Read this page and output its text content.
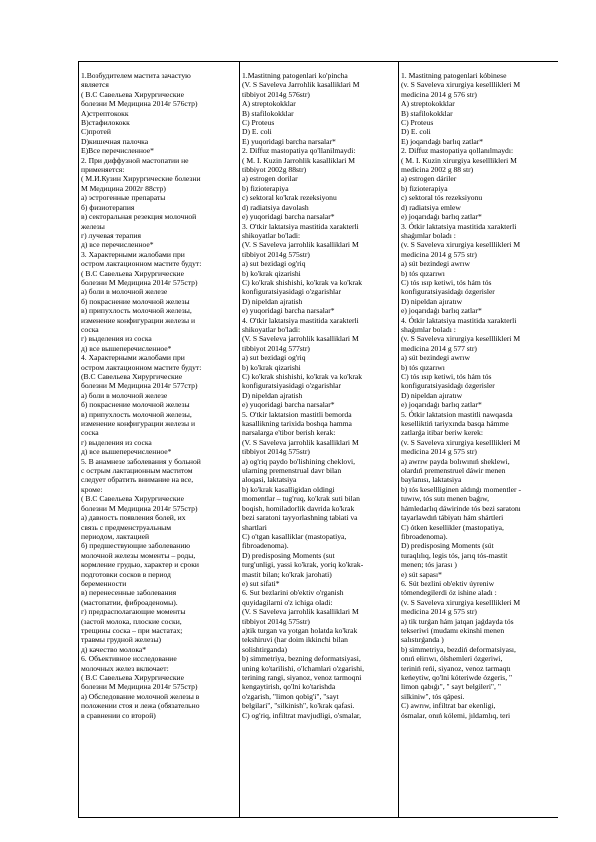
1.Возбудителем мастита зачастую
является
( В.С Савельева Хирургические
болезни М Медицина 2014г 576стр)
А)стрептококк
В)стафилококк
С)протей
D)кишечная палочка
Е)Все перечисленное*
2. При диффузной мастопатии не
применяется:
( М.И.Кузин Хирургические болезни
М Медицина 2002г 88стр)
а) эстрогенные препараты
б) физиотерапия
в) секторальная резекция молочной
железы
г) лучевая терапия
д) все перечисленное*
3. Характерными жалобами при
остром лактационном мастите будут:
( В.С Савельева Хирургические
болезни М Медицина 2014г 575стр)
а) боли в молочной железе
б) покраснение молочной железы
в) припухлость молочной железы,
изменение конфигурации железы и
соска
г) выделения из соска
д) все вышеперечисленное*
4. Характерными жалобами при
остром лактационном мастите будут:
(В.С Савельева Хирургические
болезни М Медицина 2014г 577стр)
а) боли в молочной железе
б) покраснение молочной железы
в) припухлость молочной железы,
изменение конфигурации железы и
соска
г) выделения из соска
д) все вышеперечисленное*
5. В анамнезе заболевания у больной
с острым лактационным маститом
следует обратить внимание на все,
кроме:
( В.С Савельева Хирургические
болезни М Медицина 2014г 575стр)
а) давность появления болей, их
связь с предменструальным
периодом, лактацией
б) предшествующие заболеванию
молочной железы моменты – роды,
кормление грудью, характер и сроки
подготовки сосков в период
беременности
в) перенесенные заболевания
(мастопатии, фиброаденомы).
г) предрасполагающие моменты
(застой молока, плоские соски,
трещины соска – при мастатах;
травмы грудной железы)
д) качество молока*
6. Объективное исследование
молочных желез включает:
( В.С Савельева Хирургические
болезни М Медицина 2014г 575стр)
а) Обследование молочной железы в
положении стоя и лежа (обязательно
в сравнении со второй)

1.Mastitning patogenlari ko'pincha
(V. S Saveleva Jarrohlik kasalliklari M
tibbiyot 2014g 576str)
A) streptokokklar
B) stafilokokklar
C) Proteus
D) E. coli
E) yuqoridagi barcha narsalar*
2. Diffuz mastopatiya qo'llanilmaydi:
( M. I. Kuzin Jarrohlik kasalliklari M
tibbiyot 2002g 88str)
a) estrogen dorilar
b) fizioterapiya
c) sektoral ko'krak rezeksiyonu
d) radiatsiya davolash
e) yuqoridagi barcha narsalar*
3. O'tkir laktatsiya mastitida xarakterli
shikoyatlar bo'ladi:
(V. S Saveleva jarrohlik kasalliklari M
tibbiyot 2014g 575str)
a) sut bezidagi og'riq
b) ko'krak qizarishi
C) ko'krak shishishi, ko'krak va ko'krak
konfiguratsiyasidagi o'zgarishlar
D) nipeldan ajratish
e) yuqoridagi barcha narsalar*
4. O'tkir laktatsiya mastitida xarakterli
shikoyatlar bo'ladi:
(V. S Saveleva jarrohlik kasalliklari M
tibbiyot 2014g 577str)
a) sut bezidagi og'riq
b) ko'krak qizarishi
C) ko'krak shishishi, ko'krak va ko'krak
konfiguratsiyasidagi o'zgarishlar
D) nipeldan ajratish
e) yuqoridagi barcha narsalar*
5. O'tkir laktatsion mastitli bemorda
kasallikning tarixida boshqa hamma
narsalarga e'tibor berish kerak:
(V. S Saveleva jarrohlik kasalliklari M
tibbiyot 2014g 575str)
a) og'riq paydo bo'lishining cheklovi,
ularning premenstrual davr bilan
aloqasi, laktatsiya
b) ko'krak kasalligidan oldingi
momentlar – tug'ruq, ko'krak suti bilan
boqish, homiladorlik davrida ko'krak
bezi saratoni tayyorlashning tabiati va
shartlari
C) o'tgan kasalliklar (mastopatiya,
fibroadenoma).
D) predisposing Moments (sut
turg'unligi, yassi ko'krak, yoriq ko'krak-
mastit bilan; ko'krak jarohati)
e) sut sifati*
6. Sut bezlarini ob'ektiv o'rganish
quyidagilarni o'z ichiga oladi:
(V. S Saveleva jarrohlik kasalliklari M
tibbiyot 2014g 575str)
a)tik turgan va yotgan holatda ko'krak
tekshiruvi (har doim ikkinchi bilan
solishtirganda)
b) simmetriya, bezning deformatsiyasi,
uning ko'tarilishi, o'lchamlari o'zgarishi,
terining rangi, siyanoz, venoz tarmoqni
kengaytirish, qo'lni ko'tarishda
o'zgarish, "limon qobig'i", "sayt
belgilari", "silkinish", ko'krak qafasi.
C) og'riq, infiltrat mavjudligi, o'smalar,

1. Mastitning patogenlari kóbinese
(v. S Saveleva xirurgiya keselllikleri M
medicina 2014 g 576 str)
A) streptokokklar
B) stafilokokklar
C) Proteus
D) E. coli
E) joqarıdaǵı barlıq zatlar*
2. Diffuz mastopatiya qollanılmaydı:
( M. I. Kuzin xirurgiya keselllikleri M
medicina 2002 g 88 str)
a) estrogen dáriler
b) fizioterapiya
c) sektoral tós rezeksiyonu
d) radiatsiya emlew
e) joqarıdaǵı barlıq zatlar*
3. Ótkir laktatsiya mastitida xarakterli
shaǵımlar boladı :
(v. S Saveleva xirurgiya keselllikleri M
medicina 2014 g 575 str)
a) sút bezindegi awrıw
b) tós qızarıwı
C) tós ısıp ketiwi, tós hám tós
konfiguratsiyasidaǵı ózgerisler
D) nipeldan ajıratıw
e) joqarıdaǵı barlıq zatlar*
4. Ótkir laktatsiya mastitida xarakterli
shaǵımlar boladı :
(v. S Saveleva xirurgiya keselllikleri M
medicina 2014 g 577 str)
a) sút bezindegi awrıw
b) tós qızarıwı
C) tós ısıp ketiwi, tós hám tós
konfiguratsiyasidaǵı ózgerisler
D) nipeldan ajıratıw
e) joqarıdaǵı barlıq zatlar*
5. Ótkir laktatsion mastitli nawqasda
keselliktiń tariyxında basqa hámme
zatlarǵa itibar beriw kerek:
(v. S Saveleva xirurgiya keselllikleri M
medicina 2014 g 575 str)
a) awrıw payda bolıwınıń sheklewi,
olardıń premenstruel dáwir menen
baylanısı, laktatsiya
b) tós kesellliginen aldınǵı momentler -
tuwıw, tós sutı menen baǵıw,
hámledarlıq dáwirinde tós bezi saratonı
tayarlawdıń tábiyatı hám shártleri
C) ótken kesellikler (mastopatiya,
fibroadenoma).
D) predisposing Moments (sút
turaqlılıq, legis tós, jarıq tós-mastit
menen; tós jarası )
e) sút sapası*
6. Sút bezlini ob'ektiv úyreniw
tómendegilerdi óz ishine aladı :
(v. S Saveleva xirurgiya keselllikleri M
medicina 2014 g 575 str)
a) tik turǵan hám jatqan jaǵdayda tós
tekseriwi (mudamı ekinshi menen
salıstırǵanda )
b) simmetriya, bezdiń deformatsiyası,
onıń ełirıwı, ólshemleri ózgeriwi,
teriniń reńi, siyanoz, venoz tarmaqtı
keńeytiw, qo'lni kóteriwde ózgeris, "
limon qabıǵı", " sayt belgileri", "
silkiniw", tós qápesi.
C) awrıw, infiltrat bar ekenligi,
ósmalar, onıń kólemi, jıldamlıq, teri
